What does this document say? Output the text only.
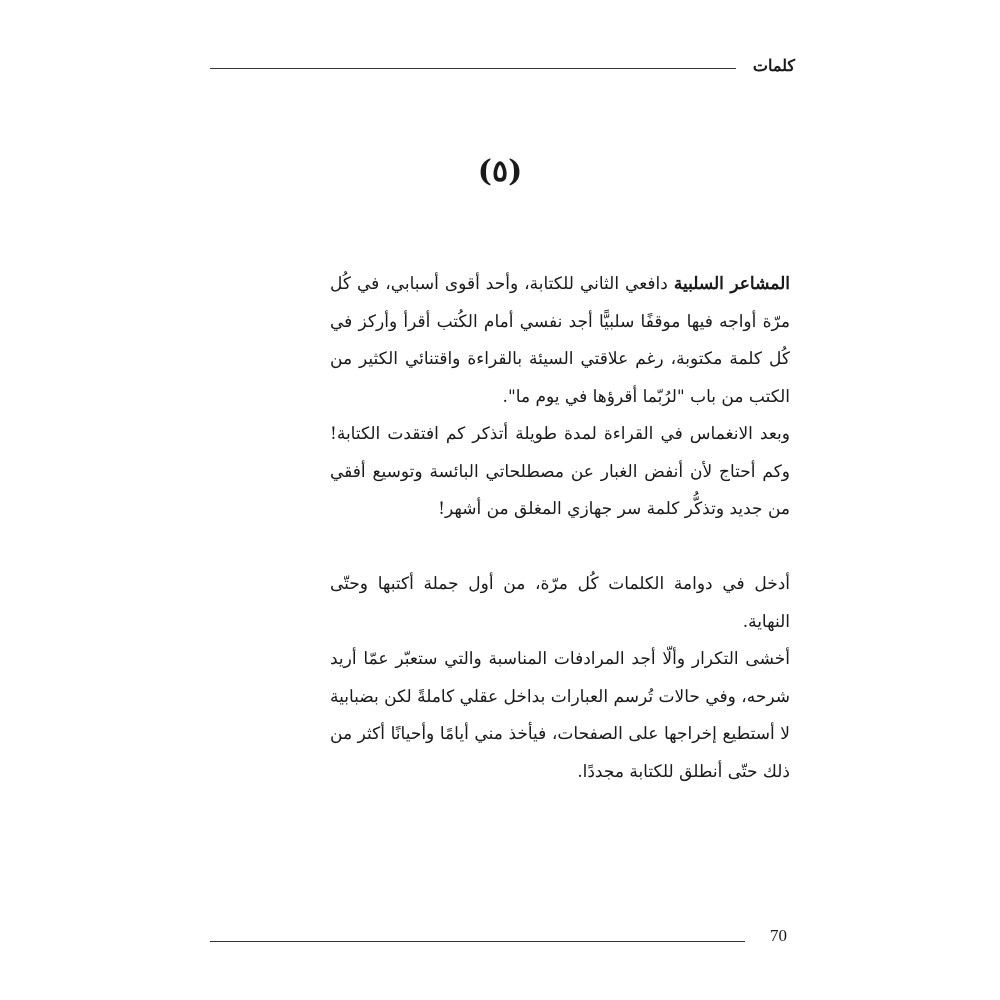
كلمات
(٥)

المشاعر السلبية دافعي الثاني للكتابة، وأحد أقوى أسبابي، في كُل مرّة أواجه فيها موقفًا سلبيًّا أجد نفسي أمام الكُتب أقرأ وأركز في كُل كلمة مكتوبة، رغم علاقتي السيئة بالقراءة واقتنائي الكثير من الكتب من باب "لرُبّما أقرؤها في يوم ما".

وبعد الانغماس في القراءة لمدة طويلة أتذكر كم افتقدت الكتابة! وكم أحتاج لأن أنفض الغبار عن مصطلحاتي البائسة وتوسيع أفقي من جديد وتذكُّر كلمة سر جهازي المغلق من أشهر!

أدخل في دوامة الكلمات كُل مرّة، من أول جملة أكتبها وحتّى النهاية.

أخشى التكرار وألّا أجد المرادفات المناسبة والتي ستعبّر عمّا أريد شرحه، وفي حالات تُرسم العبارات بداخل عقلي كاملةً لكن بضبابية لا أستطيع إخراجها على الصفحات، فيأخذ مني أيامًا وأحيانًا أكثر من ذلك حتّى أنطلق للكتابة مجددًا.

70
